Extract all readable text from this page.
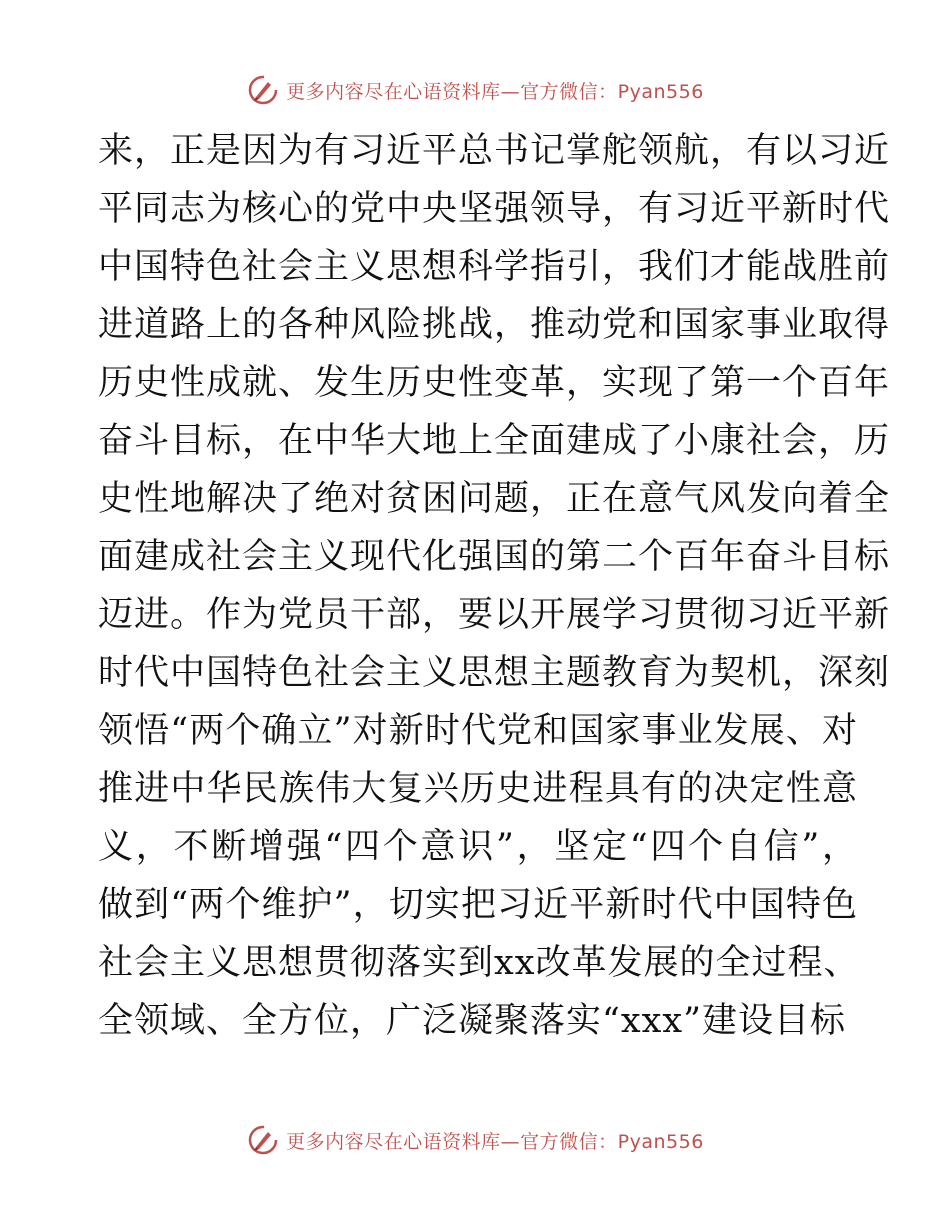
更多内容尽在心语资料库—官方微信：Pyan556
来，正是因为有习近平总书记掌舵领航，有以习近
平同志为核心的党中央坚强领导，有习近平新时代
中国特色社会主义思想科学指引，我们才能战胜前
进道路上的各种风险挑战，推动党和国家事业取得
历史性成就、发生历史性变革，实现了第一个百年
奋斗目标，在中华大地上全面建成了小康社会，历
史性地解决了绝对贫困问题，正在意气风发向着全
面建成社会主义现代化强国的第二个百年奋斗目标
迈进。作为党员干部，要以开展学习贯彻习近平新
时代中国特色社会主义思想主题教育为契机，深刻
领悟“两个确立”对新时代党和国家事业发展、对
推进中华民族伟大复兴历史进程具有的决定性意
义，不断增强“四个意识”，坚定“四个自信”，
做到“两个维护”，切实把习近平新时代中国特色
社会主义思想贯彻落实到xx改革发展的全过程、
全领域、全方位，广泛凝聚落实“xxx”建设目标
更多内容尽在心语资料库—官方微信：Pyan556
